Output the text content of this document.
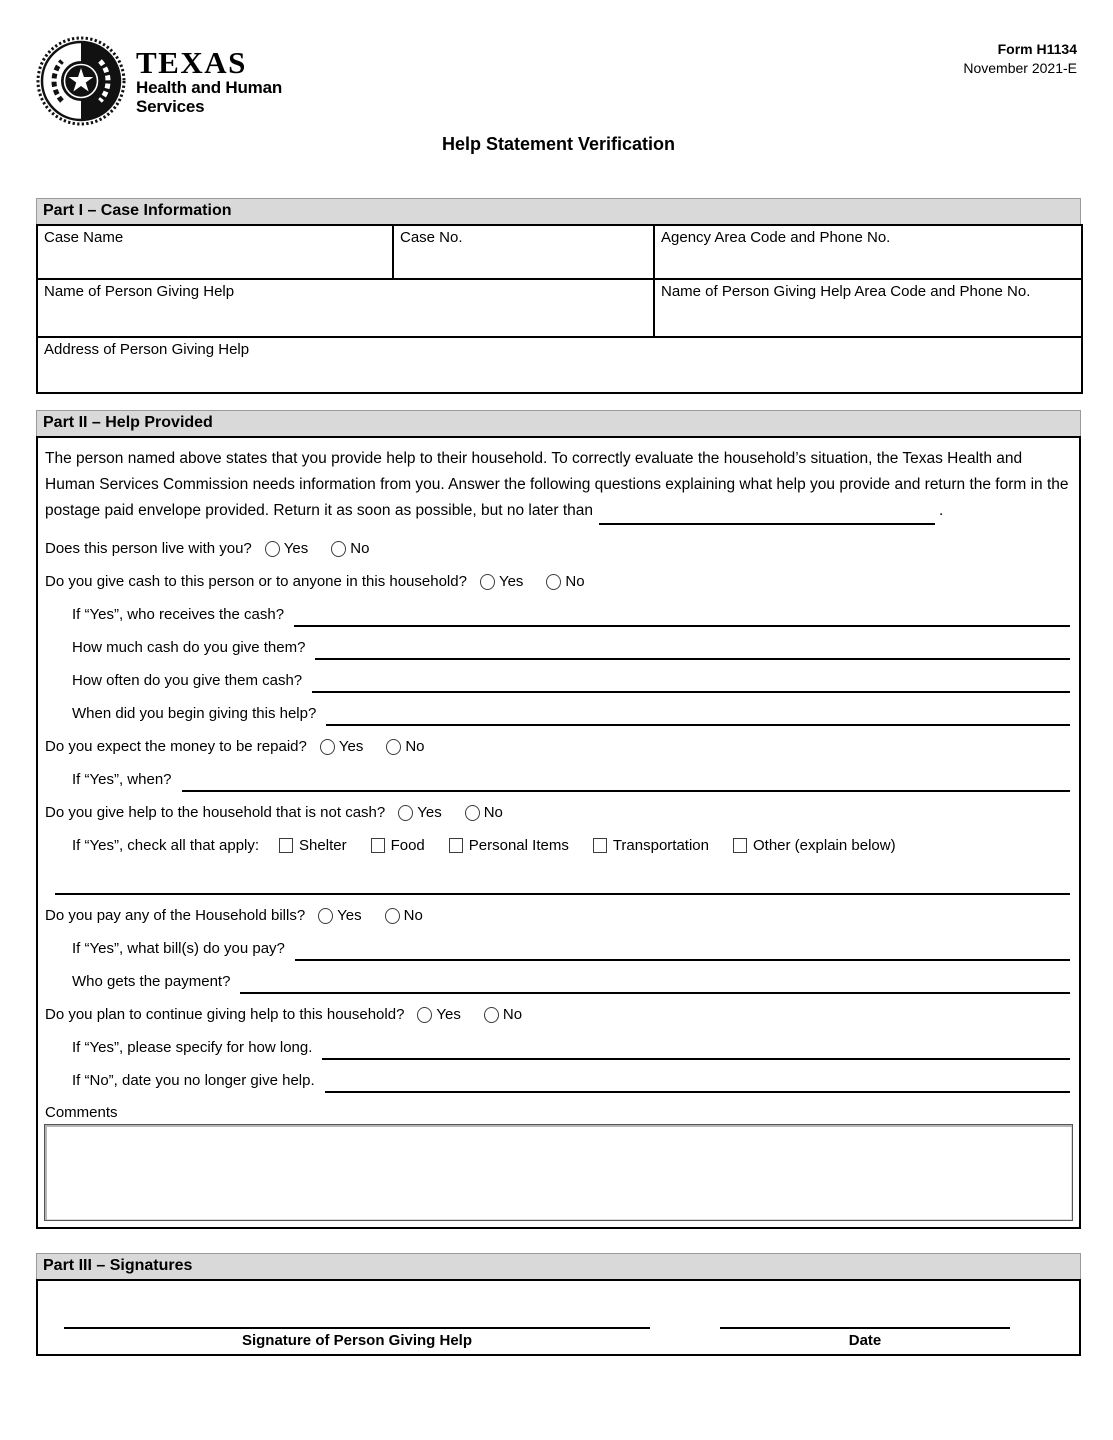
TEXAS
Health and Human
Services
Form H1134
November 2021-E
Help Statement Verification
Part I – Case Information
Case Name	Case No.	Agency Area Code and Phone No.
Name of Person Giving Help		Name of Person Giving Help Area Code and Phone No.
Address of Person Giving Help		
Part II – Help Provided
The person named above states that you provide help to their household. To correctly evaluate the household’s situation, the Texas Health and Human Services Commission needs information from you. Answer the following questions explaining what help you provide and return the form in the postage paid envelope provided. Return it as soon as possible, but no later than	.
Does this person live with you? Yes	No
Do you give cash to this person or to anyone in this household? Yes	No
If “Yes”, who receives the cash?
How much cash do you give them?
How often do you give them cash?
When did you begin giving this help?
Do you expect the money to be repaid? Yes	No
If “Yes”, when?
Do you give help to the household that is not cash? Yes	No
If “Yes”, check all that apply:	Shelter	Food	Personal Items	Transportation	Other (explain below)
Do you pay any of the Household bills? Yes	No
If “Yes”, what bill(s) do you pay?
Who gets the payment?
Do you plan to continue giving help to this household? Yes	No
If “Yes”, please specify for how long.
If “No”, date you no longer give help.
Comments
Part III – Signatures
Signature of Person Giving Help	Date
